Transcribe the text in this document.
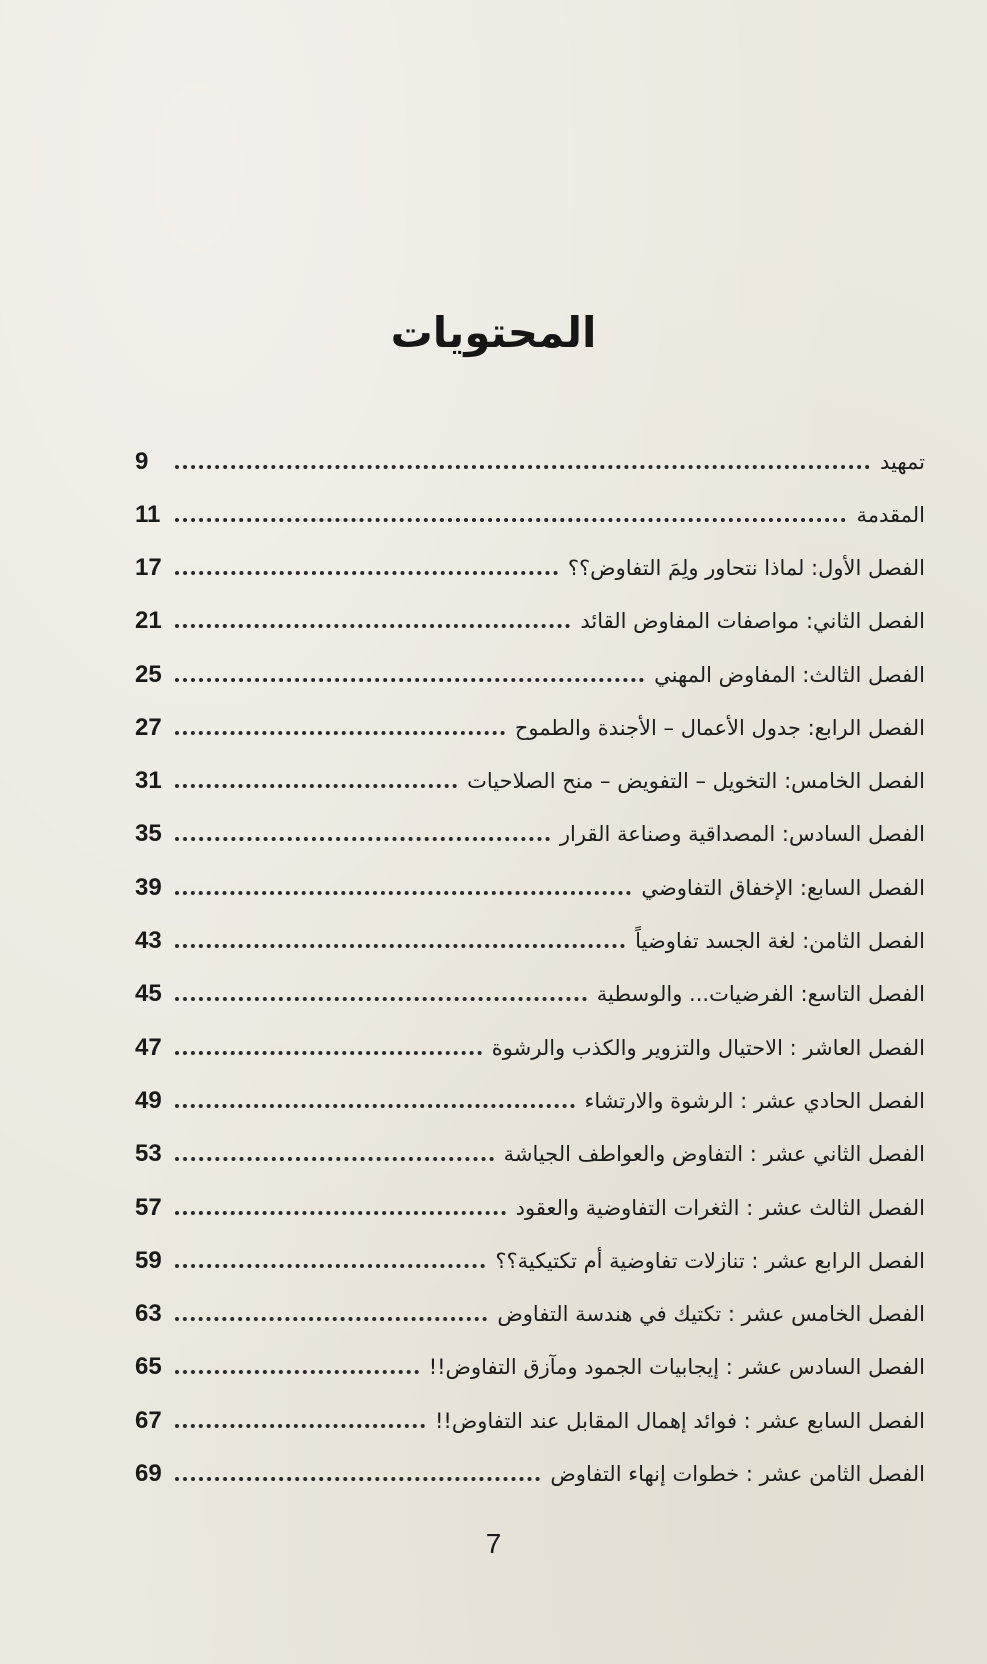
المحتويات
تمهيد
9
المقدمة
11
الفصل الأول: لماذا نتحاور ولِمَ التفاوض؟؟
17
الفصل الثاني: مواصفات المفاوض القائد
21
الفصل الثالث: المفاوض المهني
25
الفصل الرابع: جدول الأعمال – الأجندة والطموح
27
الفصل الخامس: التخويل – التفويض – منح الصلاحيات
31
الفصل السادس: المصداقية وصناعة القرار
35
الفصل السابع: الإخفاق التفاوضي
39
الفصل الثامن: لغة الجسد تفاوضياً
43
الفصل التاسع: الفرضيات... والوسطية
45
الفصل العاشر : الاحتيال والتزوير والكذب والرشوة
47
الفصل الحادي عشر : الرشوة والارتشاء
49
الفصل الثاني عشر : التفاوض والعواطف الجياشة
53
الفصل الثالث عشر : الثغرات التفاوضية والعقود
57
الفصل الرابع عشر : تنازلات تفاوضية أم تكتيكية؟؟
59
الفصل الخامس عشر : تكتيك في هندسة التفاوض
63
الفصل السادس عشر : إيجابيات الجمود ومآزق التفاوض!!
65
الفصل السابع عشر : فوائد إهمال المقابل عند التفاوض!!
67
الفصل الثامن عشر : خطوات إنهاء التفاوض
69
7
